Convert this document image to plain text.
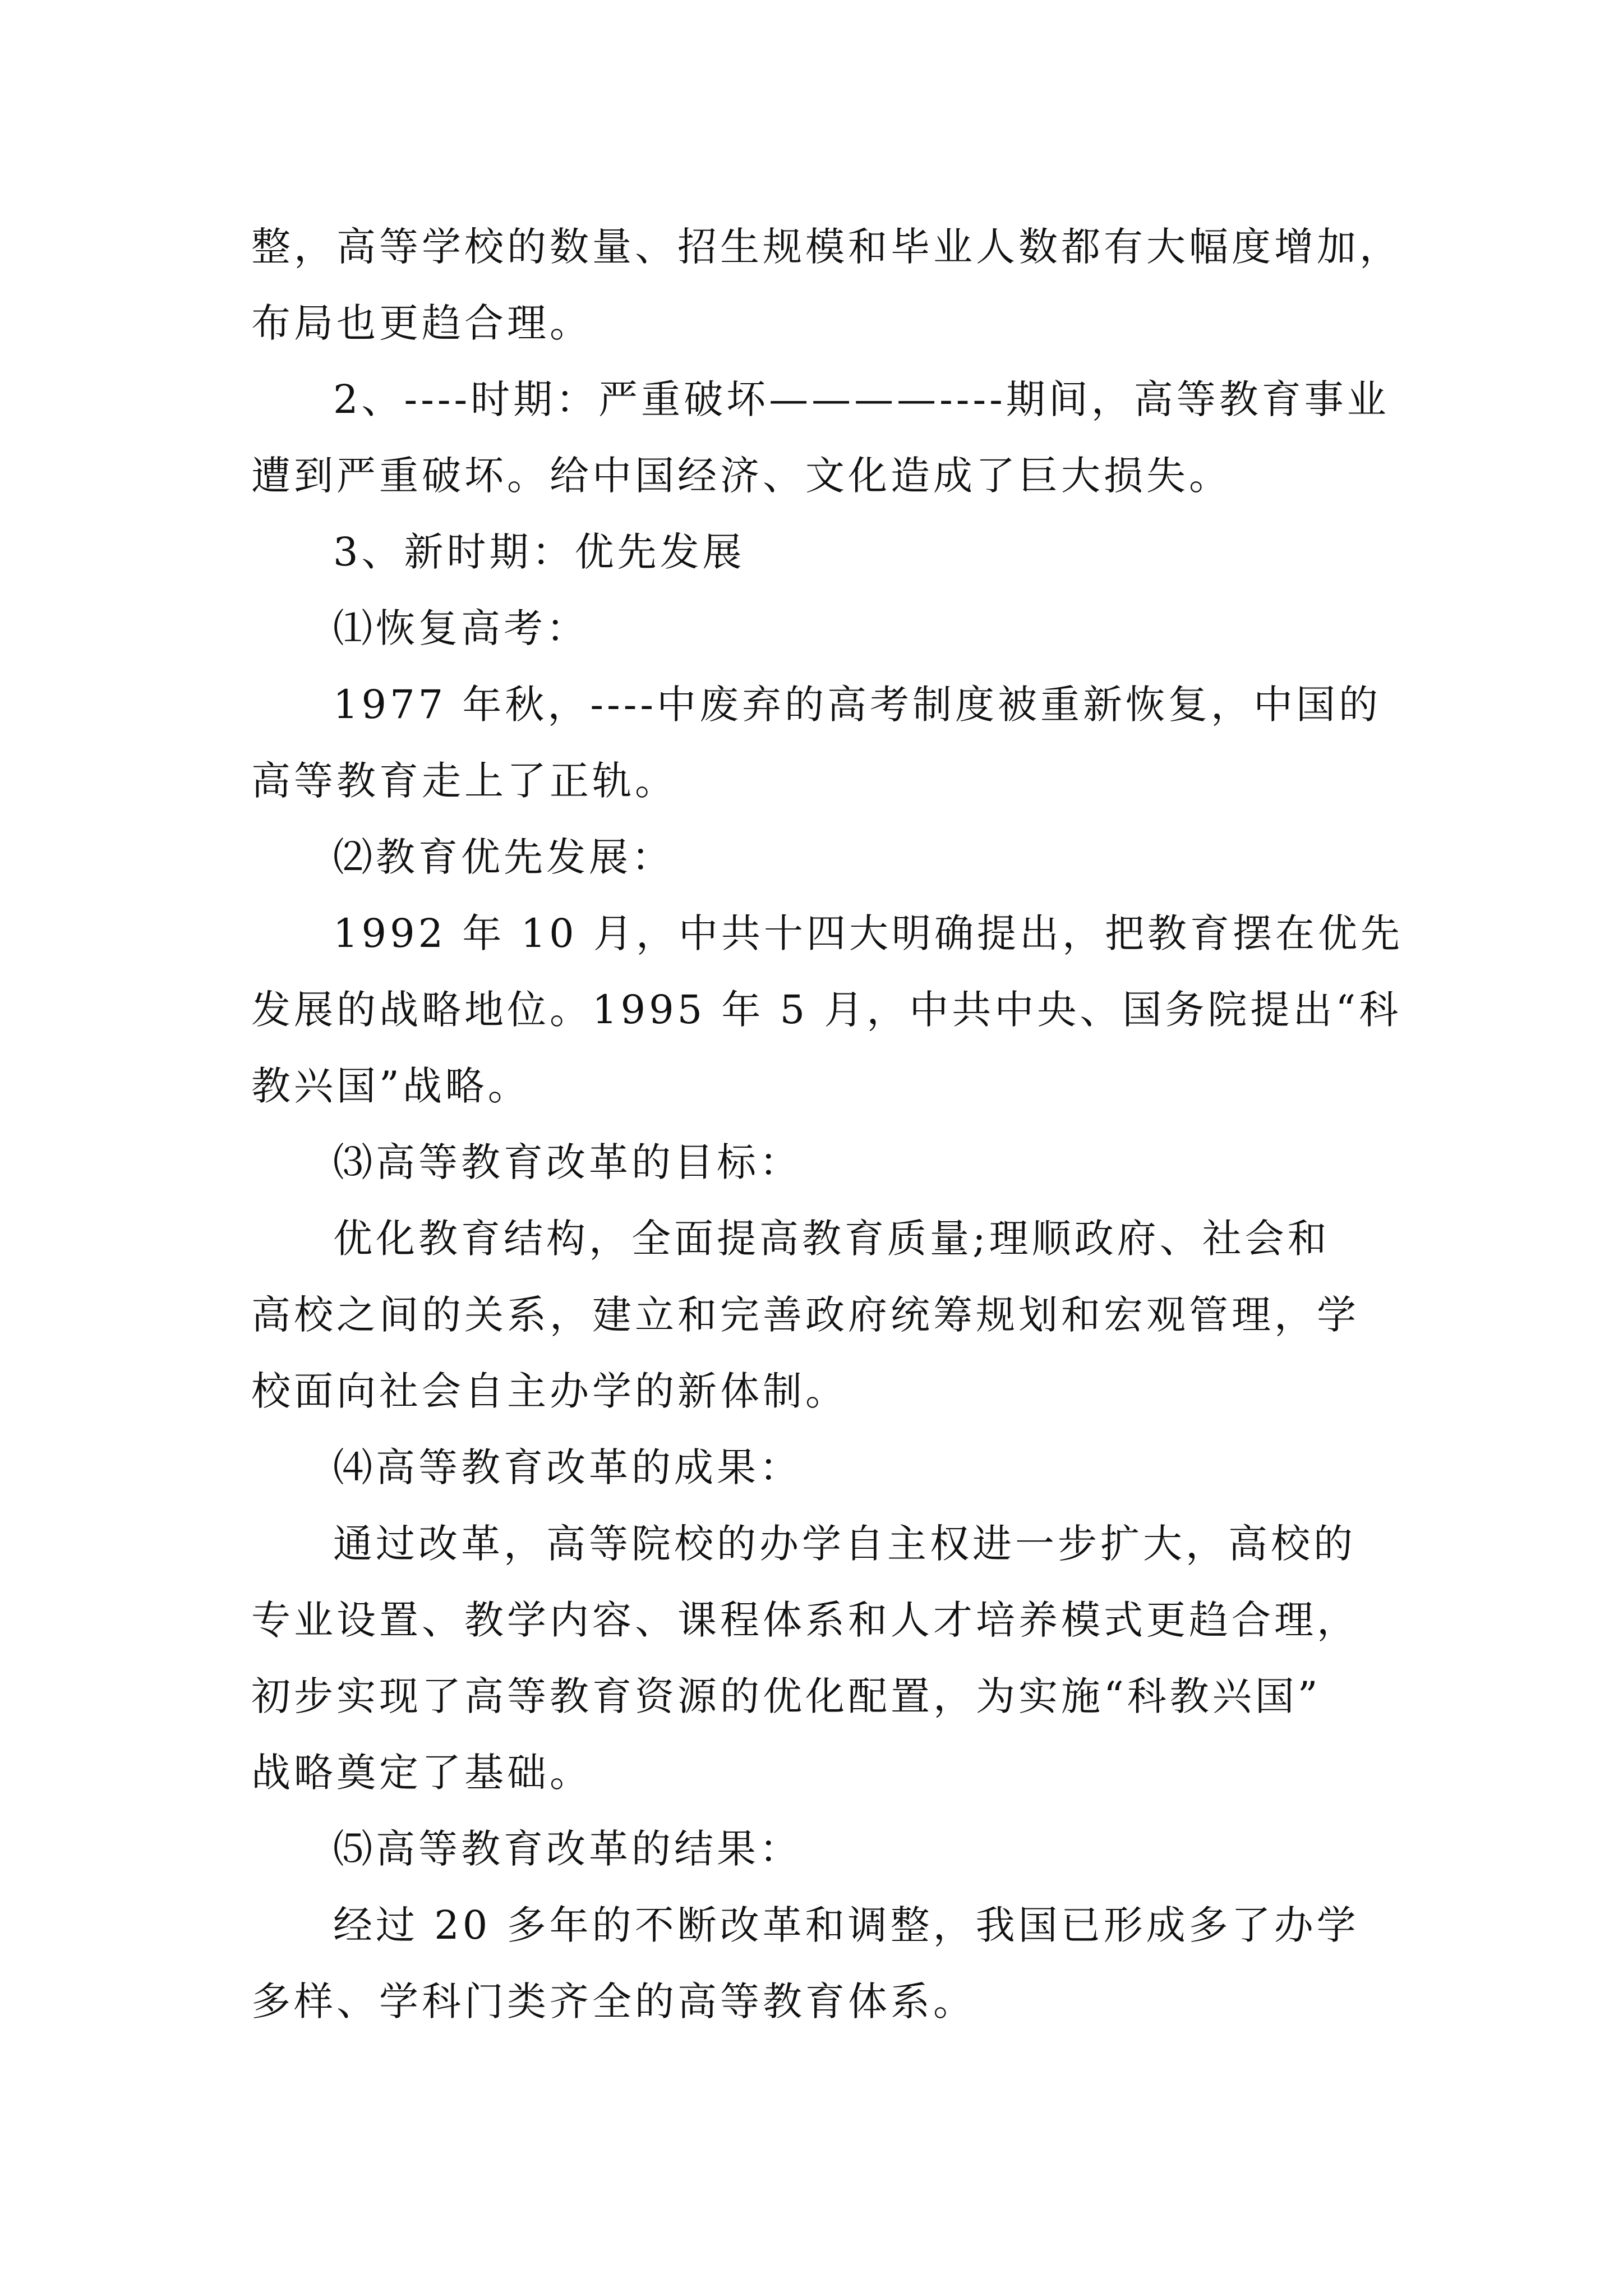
整，高等学校的数量、招生规模和毕业人数都有大幅度增加，
布局也更趋合理。
2、----时期：严重破坏————----期间，高等教育事业
遭到严重破坏。给中国经济、文化造成了巨大损失。
3、新时期：优先发展
⑴恢复高考：
1977 年秋，----中废弃的高考制度被重新恢复，中国的
高等教育走上了正轨。
⑵教育优先发展：
1992 年 10 月，中共十四大明确提出，把教育摆在优先
发展的战略地位。1995 年 5 月，中共中央、国务院提出“科
教兴国”战略。
⑶高等教育改革的目标：
优化教育结构，全面提高教育质量;理顺政府、社会和
高校之间的关系，建立和完善政府统筹规划和宏观管理，学
校面向社会自主办学的新体制。
⑷高等教育改革的成果：
通过改革，高等院校的办学自主权进一步扩大，高校的
专业设置、教学内容、课程体系和人才培养模式更趋合理，
初步实现了高等教育资源的优化配置，为实施“科教兴国”
战略奠定了基础。
⑸高等教育改革的结果：
经过 20 多年的不断改革和调整，我国已形成多了办学
多样、学科门类齐全的高等教育体系。
